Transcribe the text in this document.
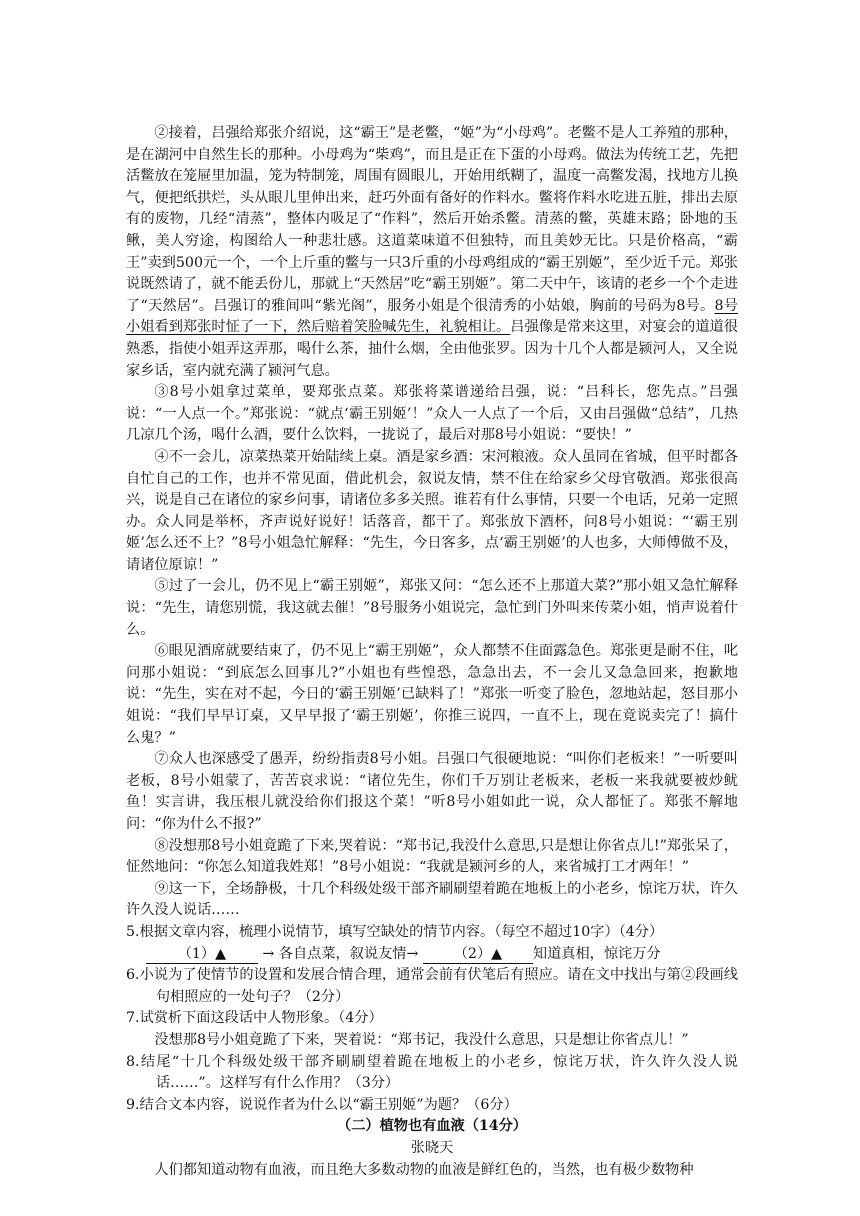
②接着，吕强给郑张介绍说，这“霸王”是老鳖，“姬”为“小母鸡”。老鳖不是人工养殖的那种，是在湖河中自然生长的那种。小母鸡为“柴鸡”，而且是正在下蛋的小母鸡。做法为传统工艺，先把活鳖放在笼屉里加温，笼为特制笼，周围有圆眼儿，开始用纸糊了，温度一高鳖发渴，找地方儿换气，便把纸拱烂，头从眼儿里伸出来，赶巧外面有备好的作料水。鳖将作料水吃进五脏，排出去原有的废物，几经“清蒸”，整体内吸足了“作料”，然后开始杀鳖。清蒸的鳖，英雄末路；卧地的玉鳅，美人穷途，构图给人一种悲壮感。这道菜味道不但独特，而且美妙无比。只是价格高，“霸王”卖到500元一个，一个上斤重的鳖与一只3斤重的小母鸡组成的“霸王别姬”，至少近千元。郑张说既然请了，就不能丢份儿，那就上“天然居”吃“霸王别姬”。第二天中午，该请的老乡一个个走进了“天然居”。吕强订的雅间叫“紫光阁”，服务小姐是个很清秀的小姑娘，胸前的号码为8号。8号小姐看到郑张时怔了一下，然后赔着笑脸喊先生，礼貌相让。吕强像是常来这里，对宴会的道道很熟悉，指使小姐弄这弄那，喝什么茶，抽什么烟，全由他张罗。因为十几个人都是颍河人，又全说家乡话，室内就充满了颍河气息。

③8号小姐拿过菜单，要郑张点菜。郑张将菜谱递给吕强，说：“吕科长，您先点。”吕强说：“一人点一个。”郑张说：“就点‘霸王别姬’！”众人一人点了一个后，又由吕强做“总结”，几热几凉几个汤，喝什么酒，要什么饮料，一拢说了，最后对那8号小姐说：“要快！”

④不一会儿，凉菜热菜开始陆续上桌。酒是家乡酒：宋河粮液。众人虽同在省城，但平时都各自忙自己的工作，也并不常见面，借此机会，叙说友情，禁不住在给家乡父母官敬酒。郑张很高兴，说是自己在诸位的家乡问事，请诸位多多关照。谁若有什么事情，只要一个电话，兄弟一定照办。众人同是举杯，齐声说好说好！话落音，都干了。郑张放下酒杯，问8号小姐说：“‘霸王别姬’怎么还不上？”8号小姐急忙解释：“先生，今日客多，点‘霸王别姬’的人也多，大师傅做不及，请诸位原谅！”

⑤过了一会儿，仍不见上“霸王别姬”，郑张又问：“怎么还不上那道大菜?”那小姐又急忙解释说：“先生，请您别慌，我这就去催！”8号服务小姐说完，急忙到门外叫来传菜小姐，悄声说着什么。

⑥眼见酒席就要结束了，仍不见上“霸王别姬”，众人都禁不住面露急色。郑张更是耐不住，叱问那小姐说：“到底怎么回事儿?”小姐也有些惶恐，急急出去，不一会儿又急急回来，抱歉地说：“先生，实在对不起，今日的‘霸王别姬’已缺料了！”郑张一听变了脸色，忽地站起，怒目那小姐说：“我们早早订桌，又早早报了‘霸王别姬’，你推三说四，一直不上，现在竟说卖完了！搞什么鬼？”

⑦众人也深感受了愚弄，纷纷指责8号小姐。吕强口气很硬地说：“叫你们老板来！”一听要叫老板，8号小姐蒙了，苦苦哀求说：“诸位先生，你们千万别让老板来，老板一来我就要被炒鱿鱼！实言讲，我压根儿就没给你们报这个菜！”听8号小姐如此一说，众人都怔了。郑张不解地问：“你为什么不报?”

⑧没想那8号小姐竟跪了下来,哭着说：“郑书记,我没什么意思,只是想让你省点儿!”郑张呆了，怔然地问：“你怎么知道我姓郑！”8号小姐说：“我就是颍河乡的人，来省城打工才两年！”

⑨这一下，全场静极，十几个科级处级干部齐刷刷望着跪在地板上的小老乡，惊诧万状，许久许久没人说话……

5.根据文章内容，梳理小说情节，填写空缺处的情节内容。（每空不超过10字）（4分）

（1）▲	→ 各自点菜，叙说友情→ （2）▲ 知道真相，惊诧万分

6.小说为了使情节的设置和发展合情合理，通常会前有伏笔后有照应。请在文中找出与第②段画线句相照应的一处句子？（2分）

7.试赏析下面这段话中人物形象。（4分）

没想那8号小姐竟跪了下来，哭着说：“郑书记，我没什么意思，只是想让你省点儿！”

8.结尾“十几个科级处级干部齐刷刷望着跪在地板上的小老乡，惊诧万状，许久许久没人说话……”。这样写有什么作用？（3分）

9.结合文本内容，说说作者为什么以“霸王别姬”为题？（6分）

（二）植物也有血液（14分）

张晓天

人们都知道动物有血液，而且绝大多数动物的血液是鲜红色的，当然，也有极少数物种
